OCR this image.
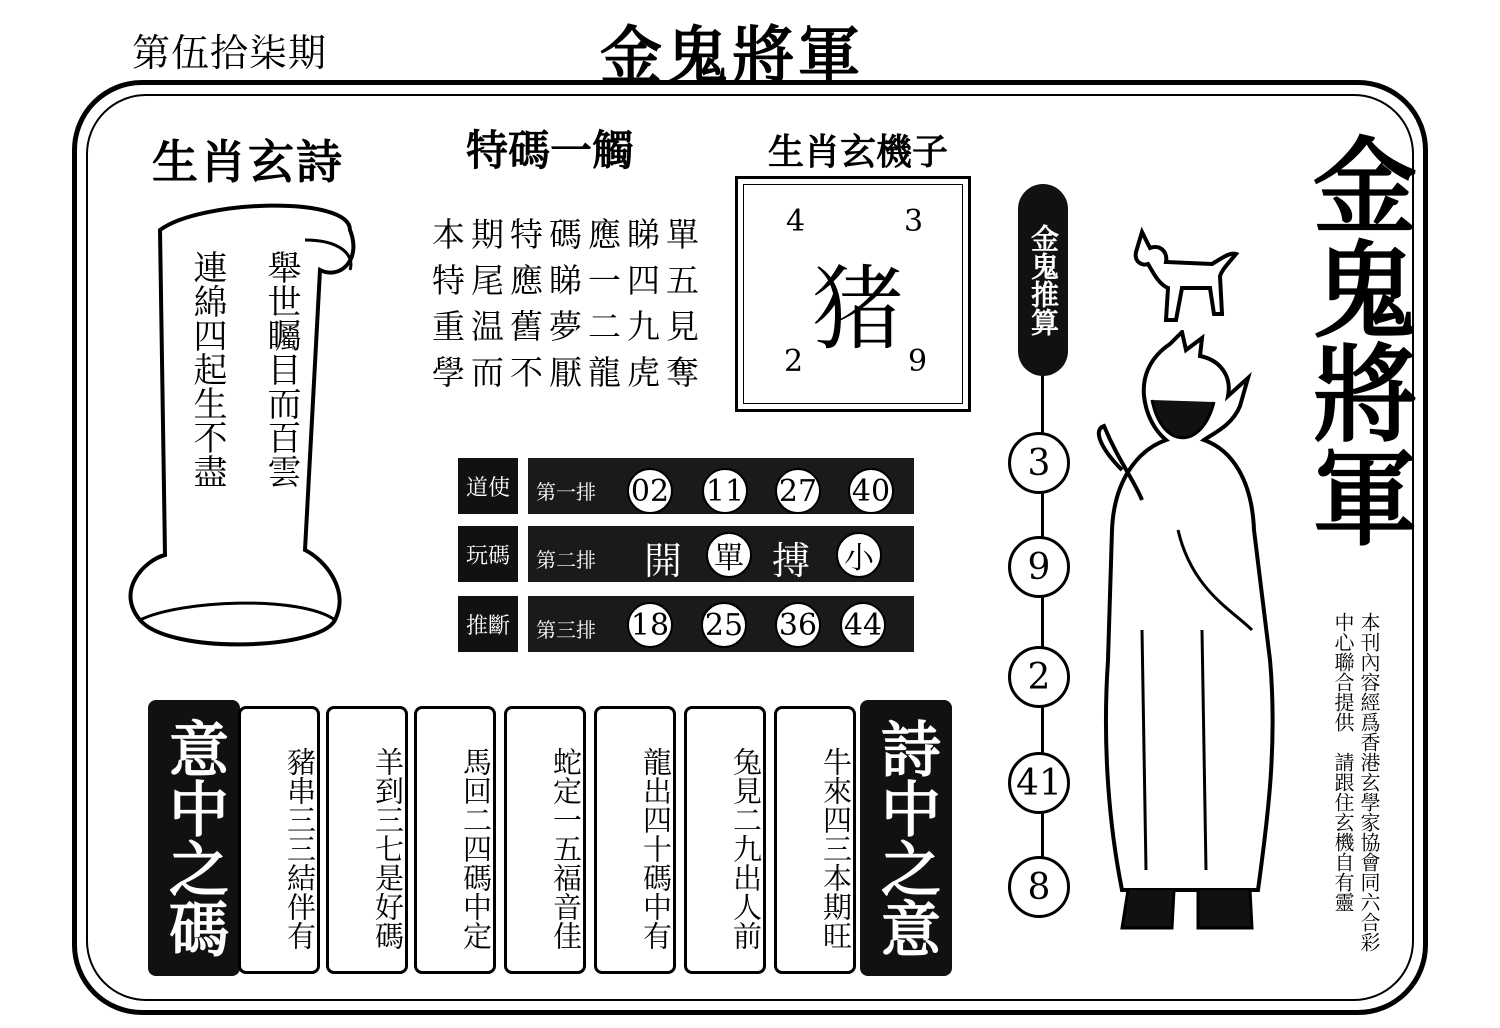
第伍拾柒期	金鬼將軍
生肖玄詩
舉世矚目而百雲 連綿四起生不盡
特碼一觸
本期特碼應睇單
特尾應睇一四五
重温舊夢二九見
學而不厭龍虎奪
生肖玄機子
4	3
猪
2	9
道使	第一排 02 11 27 40
玩碼	第二排 開 單 搏 小
推斷	第三排 18 25 36 44
金鬼推算
3
9
2
41
8
金鬼將軍
本刊內容經爲香港玄學家協會同六合彩 中心聯合提供　請跟住玄機自有靈
意中之碼	豬串三三結伴有	羊到三七是好碼	馬回二四碼中定	蛇定一五福音佳	龍出四十碼中有	兔見二九出人前	牛來四三本期旺 詩中之意
